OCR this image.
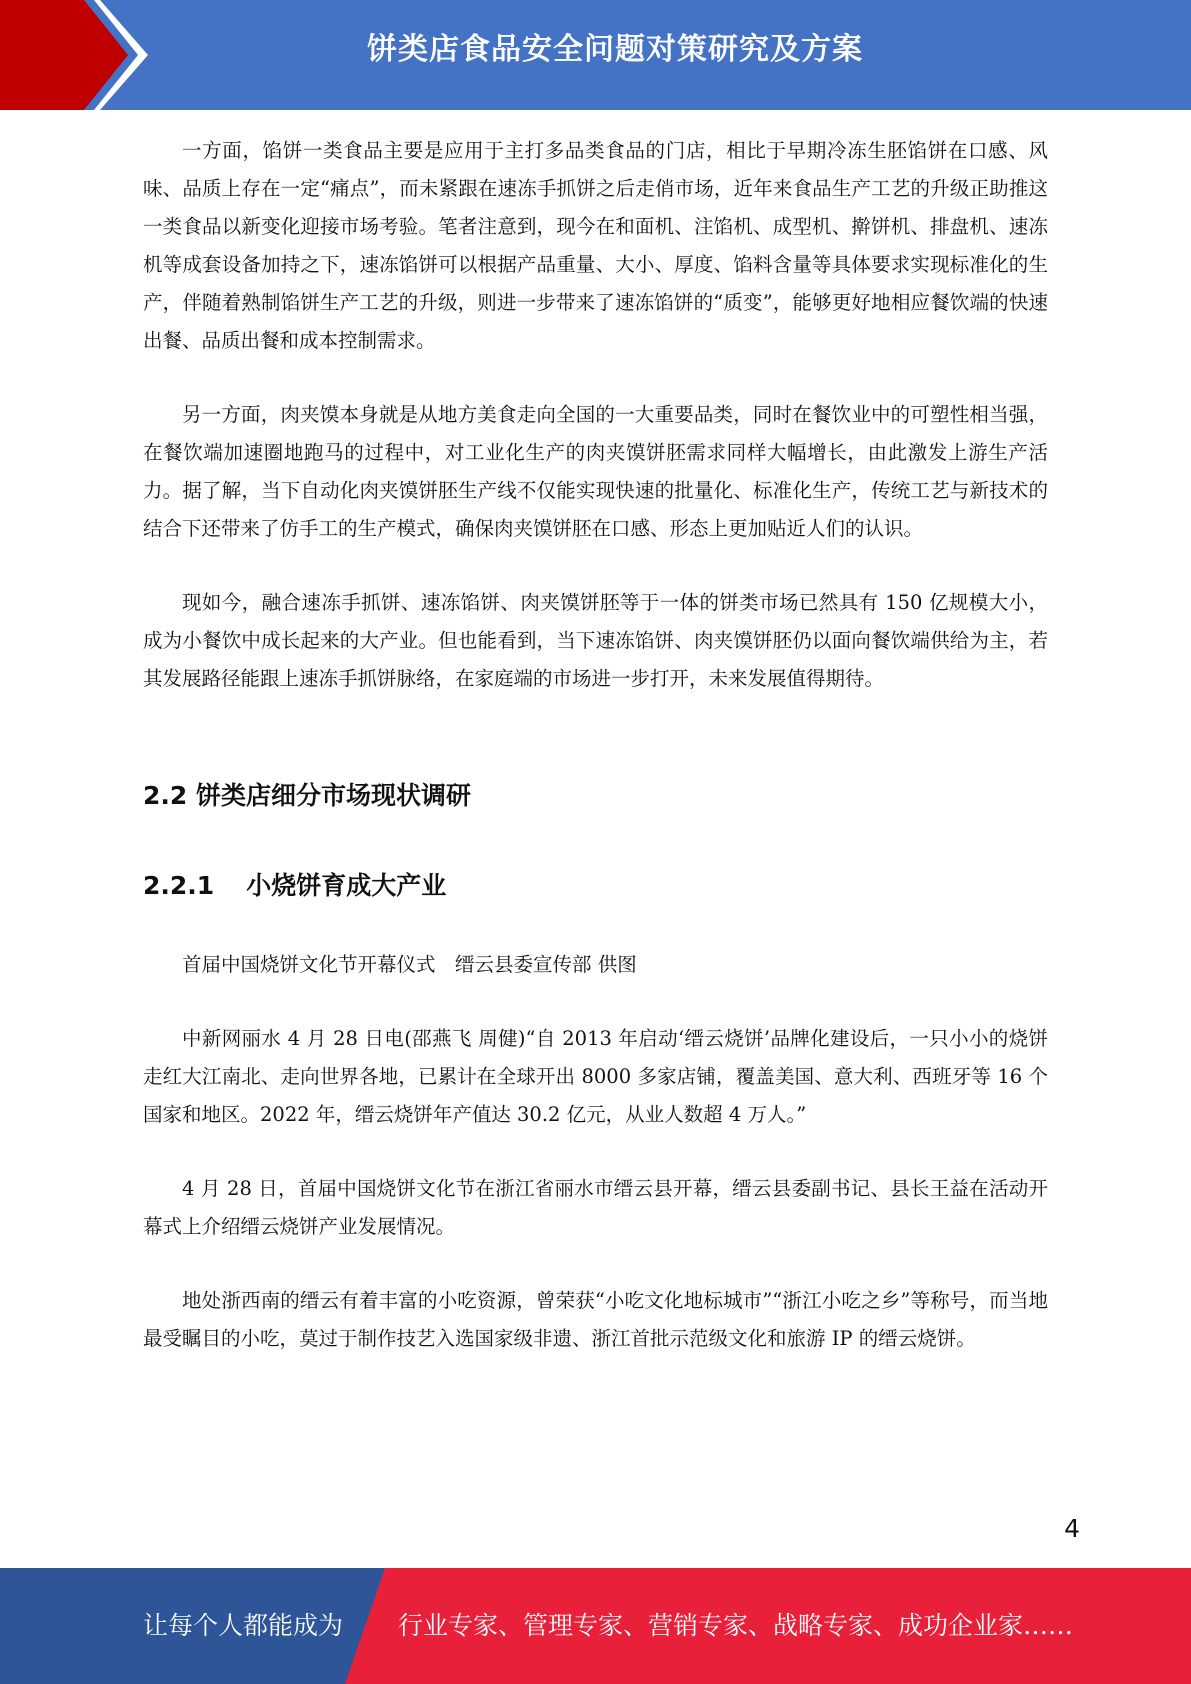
饼类店食品安全问题对策研究及方案

一方面，馅饼一类食品主要是应用于主打多品类食品的门店，相比于早期冷冻生胚馅饼在口感、风味、品质上存在一定“痛点”，而未紧跟在速冻手抓饼之后走俏市场，近年来食品生产工艺的升级正助推这一类食品以新变化迎接市场考验。笔者注意到，现今在和面机、注馅机、成型机、擀饼机、排盘机、速冻机等成套设备加持之下，速冻馅饼可以根据产品重量、大小、厚度、馅料含量等具体要求实现标准化的生产，伴随着熟制馅饼生产工艺的升级，则进一步带来了速冻馅饼的“质变”，能够更好地相应餐饮端的快速出餐、品质出餐和成本控制需求。

另一方面，肉夹馍本身就是从地方美食走向全国的一大重要品类，同时在餐饮业中的可塑性相当强，在餐饮端加速圈地跑马的过程中，对工业化生产的肉夹馍饼胚需求同样大幅增长，由此激发上游生产活力。据了解，当下自动化肉夹馍饼胚生产线不仅能实现快速的批量化、标准化生产，传统工艺与新技术的结合下还带来了仿手工的生产模式，确保肉夹馍饼胚在口感、形态上更加贴近人们的认识。

现如今，融合速冻手抓饼、速冻馅饼、肉夹馍饼胚等于一体的饼类市场已然具有 150 亿规模大小，成为小餐饮中成长起来的大产业。但也能看到，当下速冻馅饼、肉夹馍饼胚仍以面向餐饮端供给为主，若其发展路径能跟上速冻手抓饼脉络，在家庭端的市场进一步打开，未来发展值得期待。

2.2 饼类店细分市场现状调研
2.2.1 小烧饼育成大产业

首届中国烧饼文化节开幕仪式　缙云县委宣传部 供图

中新网丽水 4 月 28 日电(邵燕飞 周健)“自 2013 年启动‘缙云烧饼’品牌化建设后，一只小小的烧饼走红大江南北、走向世界各地，已累计在全球开出 8000 多家店铺，覆盖美国、意大利、西班牙等 16 个国家和地区。2022 年，缙云烧饼年产值达 30.2 亿元，从业人数超 4 万人。”

4 月 28 日，首届中国烧饼文化节在浙江省丽水市缙云县开幕，缙云县委副书记、县长王益在活动开幕式上介绍缙云烧饼产业发展情况。

地处浙西南的缙云有着丰富的小吃资源，曾荣获“小吃文化地标城市”“浙江小吃之乡”等称号，而当地最受瞩目的小吃，莫过于制作技艺入选国家级非遗、浙江首批示范级文化和旅游 IP 的缙云烧饼。

4
让每个人都能成为 行业专家、管理专家、营销专家、战略专家、成功企业家……
